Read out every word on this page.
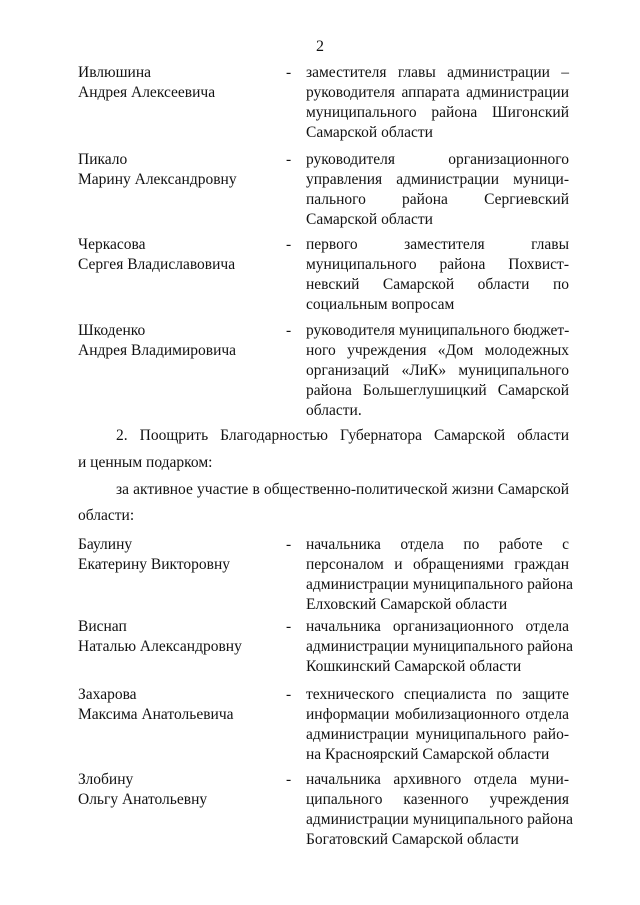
2
Ивлюшина
Андрея Алексеевича
- заместителя главы администрации –
руководителя аппарата администрации
муниципального района Шигонский
Самарской области
Пикало
Марину Александровну
- руководителя организационного
управления администрации муници-
пального района Сергиевский
Самарской области
Черкасова
Сергея Владиславовича
- первого заместителя главы
муниципального района Похвист-
невский Самарской области по
социальным вопросам
Шкоденко
Андрея Владимировича
- руководителя муниципального бюджет-
ного учреждения «Дом молодежных
организаций «ЛиК» муниципального
района Большеглушицкий Самарской
области.
2. Поощрить Благодарностью Губернатора Самарской области
и ценным подарком:
за активное участие в общественно-политической жизни Самарской
области:
Баулину
Екатерину Викторовну
- начальника отдела по работе с
персоналом и обращениями граждан
администрации муниципального района
Елховский Самарской области
Виснап
Наталью Александровну
- начальника организационного отдела
администрации муниципального района
Кошкинский Самарской области
Захарова
Максима Анатольевича
- технического специалиста по защите
информации мобилизационного отдела
администрации муниципального райо-
на Красноярский Самарской области
Злобину
Ольгу Анатольевну
- начальника архивного отдела муни-
ципального казенного учреждения
администрации муниципального района
Богатовский Самарской области
